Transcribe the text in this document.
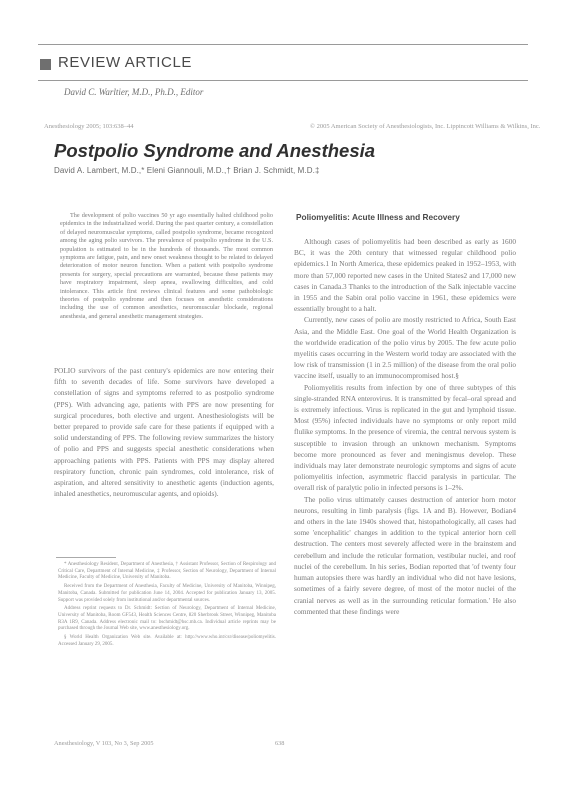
REVIEW ARTICLE
David C. Warltier, M.D., Ph.D., Editor
Anesthesiology 2005; 103:638–44	© 2005 American Society of Anesthesiologists, Inc. Lippincott Williams & Wilkins, Inc.
Postpolio Syndrome and Anesthesia
David A. Lambert, M.D.,* Eleni Giannouli, M.D.,† Brian J. Schmidt, M.D.‡

The development of polio vaccines 50 yr ago essentially halted childhood polio epidemics in the industrialized world. During the past quarter century, a constellation of delayed neuromuscular symptoms, called postpolio syndrome, became recognized among the aging polio survivors. The prevalence of postpolio syndrome in the U.S. population is estimated to be in the hundreds of thousands. The most common symptoms are fatigue, pain, and new onset weakness thought to be related to delayed deterioration of motor neuron function. When a patient with postpolio syndrome presents for surgery, special precautions are warranted, because these patients may have respiratory impairment, sleep apnea, swallowing difficulties, and cold intolerance. This article first reviews clinical features and some pathobiologic theories of postpolio syndrome and then focuses on anesthetic considerations including the use of common anesthetics, neuromuscular blockade, regional anesthesia, and general anesthetic management strategies.

POLIO survivors of the past century's epidemics are now entering their fifth to seventh decades of life. Some survivors have developed a constellation of signs and symptoms referred to as postpolio syndrome (PPS). With advancing age, patients with PPS are now presenting for surgical procedures, both elective and urgent. Anesthesiologists will be better prepared to provide safe care for these patients if equipped with a solid understanding of PPS. The following review summarizes the history of polio and PPS and suggests special anesthetic considerations when approaching patients with PPS. Patients with PPS may display altered respiratory function, chronic pain syndromes, cold intolerance, risk of aspiration, and altered sensitivity to anesthetic agents (induction agents, inhaled anesthetics, neuromuscular agents, and opioids).

* Anesthesiology Resident, Department of Anesthesia, † Assistant Professor, Section of Respirology and Critical Care, Department of Internal Medicine, ‡ Professor, Section of Neurology, Department of Internal Medicine, Faculty of Medicine, University of Manitoba.

Received from the Department of Anesthesia, Faculty of Medicine, University of Manitoba, Winnipeg, Manitoba, Canada. Submitted for publication June 14, 2004. Accepted for publication January 13, 2005. Support was provided solely from institutional and/or departmental sources.

Address reprint requests to Dr. Schmidt: Section of Neurology, Department of Internal Medicine, University of Manitoba, Room GF543, Health Sciences Centre, 820 Sherbrook Street, Winnipeg, Manitoba R3A 1R9, Canada. Address electronic mail to: bschmidt@hsc.mb.ca. Individual article reprints may be purchased through the Journal Web site, www.anesthesiology.org.

§ World Health Organization Web site. Available at: http://www.who.int/csr/disease/poliomyelitis. Accessed January 29, 2005.

Poliomyelitis: Acute Illness and Recovery

Although cases of poliomyelitis had been described as early as 1600 BC, it was the 20th century that witnessed regular childhood polio epidemics.1 In North America, these epidemics peaked in 1952–1953, with more than 57,000 reported new cases in the United States2 and 17,000 new cases in Canada.3 Thanks to the introduction of the Salk injectable vaccine in 1955 and the Sabin oral polio vaccine in 1961, these epidemics were essentially brought to a halt.

Currently, new cases of polio are mostly restricted to Africa, South East Asia, and the Middle East. One goal of the World Health Organization is the worldwide eradication of the polio virus by 2005. The few acute polio myelitis cases occurring in the Western world today are associated with the low risk of transmission (1 in 2.5 million) of the disease from the oral polio vaccine itself, usually to an immunocompromised host.§

Poliomyelitis results from infection by one of three subtypes of this single-stranded RNA enterovirus. It is transmitted by fecal–oral spread and is extremely infectious. Virus is replicated in the gut and lymphoid tissue. Most (95%) infected individuals have no symptoms or only report mild flulike symptoms. In the presence of viremia, the central nervous system is susceptible to invasion through an unknown mechanism. Symptoms become more pronounced as fever and meningismus develop. These individuals may later demonstrate neurologic symptoms and signs of acute poliomyelitis infection, asymmetric flaccid paralysis in particular. The overall risk of paralytic polio in infected persons is 1–2%.

The polio virus ultimately causes destruction of anterior horn motor neurons, resulting in limb paralysis (figs. 1A and B). However, Bodian4 and others in the late 1940s showed that, histopathologically, all cases had some 'encephalitic' changes in addition to the typical anterior horn cell destruction. The centers most severely affected were in the brainstem and cerebellum and include the reticular formation, vestibular nuclei, and roof nuclei of the cerebellum. In his series, Bodian reported that 'of twenty four human autopsies there was hardly an individual who did not have lesions, sometimes of a fairly severe degree, of most of the motor nuclei of the cranial nerves as well as in the surrounding reticular formation.' He also commented that these findings were

Anesthesiology, V 103, No 3, Sep 2005	638
